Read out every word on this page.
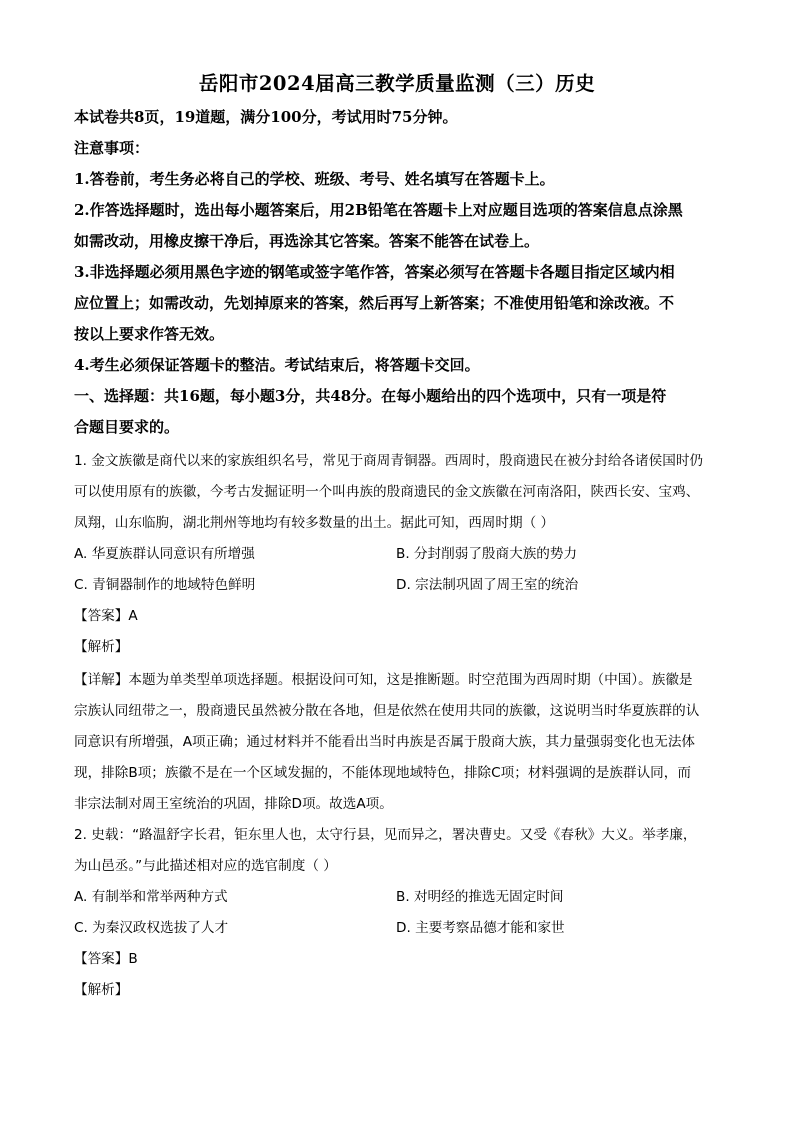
岳阳市2024届高三教学质量监测（三）历史
本试卷共8页，19道题，满分100分，考试用时75分钟。
注意事项：
1.答卷前，考生务必将自己的学校、班级、考号、姓名填写在答题卡上。
2.作答选择题时，选出每小题答案后，用2B铅笔在答题卡上对应题目选项的答案信息点涂黑
如需改动，用橡皮擦干净后，再选涂其它答案。答案不能答在试卷上。
3.非选择题必须用黑色字迹的钢笔或签字笔作答，答案必须写在答题卡各题目指定区域内相
应位置上；如需改动，先划掉原来的答案，然后再写上新答案；不准使用铅笔和涂改液。不
按以上要求作答无效。
4.考生必须保证答题卡的整洁。考试结束后，将答题卡交回。
一、选择题：共16题，每小题3分，共48分。在每小题给出的四个选项中，只有一项是符
合题目要求的。
1. 金文族徽是商代以来的家族组织名号，常见于商周青铜器。西周时，殷商遗民在被分封给各诸侯国时仍
可以使用原有的族徽，今考古发掘证明一个叫冉族的殷商遗民的金文族徽在河南洛阳，陕西长安、宝鸡、
凤翔，山东临朐，湖北荆州等地均有较多数量的出土。据此可知，西周时期（ ）
A. 华夏族群认同意识有所增强	B. 分封削弱了殷商大族的势力
C. 青铜器制作的地域特色鲜明	D. 宗法制巩固了周王室的统治
【答案】A
【解析】
【详解】本题为单类型单项选择题。根据设问可知，这是推断题。时空范围为西周时期（中国）。族徽是
宗族认同纽带之一，殷商遗民虽然被分散在各地，但是依然在使用共同的族徽，这说明当时华夏族群的认
同意识有所增强，A项正确；通过材料并不能看出当时冉族是否属于殷商大族，其力量强弱变化也无法体
现，排除B项；族徽不是在一个区域发掘的，不能体现地域特色，排除C项；材料强调的是族群认同，而
非宗法制对周王室统治的巩固，排除D项。故选A项。
2. 史载：“路温舒字长君，钜东里人也，太守行县，见而异之，署决曹史。又受《春秋》大义。举孝廉，
为山邑丞。”与此描述相对应的选官制度（ ）
A. 有制举和常举两种方式	B. 对明经的推选无固定时间
C. 为秦汉政权选拔了人才	D. 主要考察品德才能和家世
【答案】B
【解析】
